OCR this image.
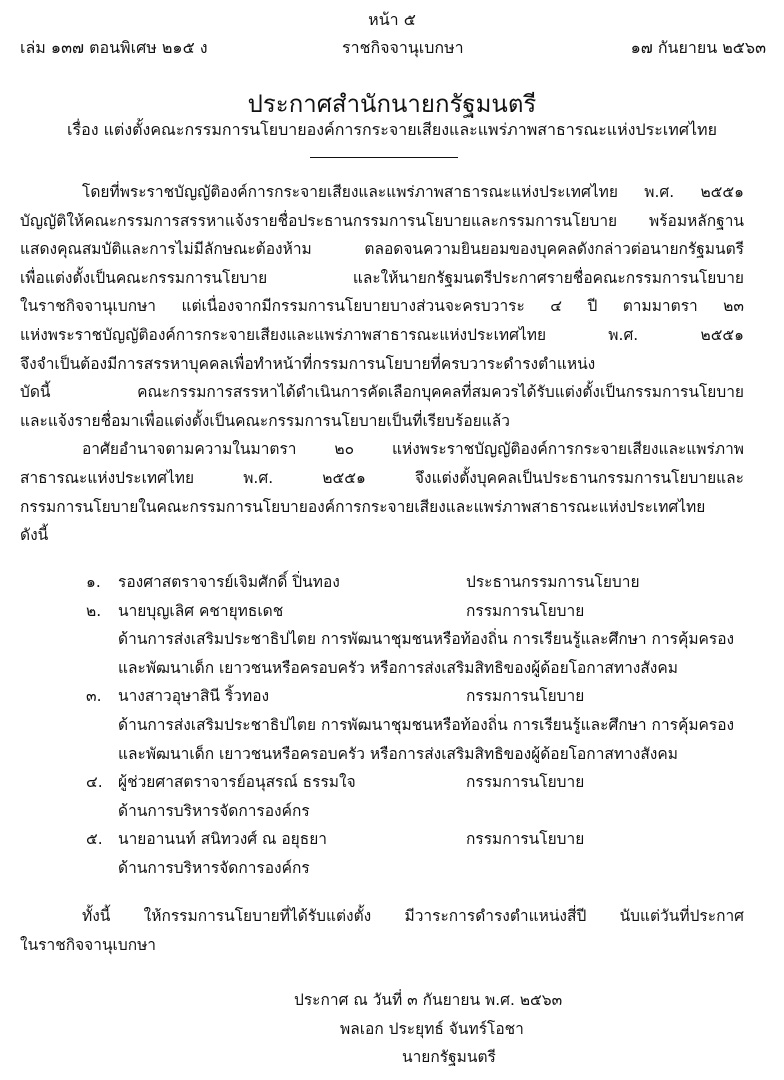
หน้า ๕
เล่ม ๑๓๗ ตอนพิเศษ ๒๑๕ ง	ราชกิจจานุเบกษา	๑๗ กันยายน ๒๕๖๓
ประกาศสำนักนายกรัฐมนตรี
เรื่อง แต่งตั้งคณะกรรมการนโยบายองค์การกระจายเสียงและแพร่ภาพสาธารณะแห่งประเทศไทย

โดยที่พระราชบัญญัติองค์การกระจายเสียงและแพร่ภาพสาธารณะแห่งประเทศไทย พ.ศ. ๒๕๕๑

บัญญัติให้คณะกรรมการสรรหาแจ้งรายชื่อประธานกรรมการนโยบายและกรรมการนโยบาย พร้อมหลักฐาน

แสดงคุณสมบัติและการไม่มีลักษณะต้องห้าม ตลอดจนความยินยอมของบุคคลดังกล่าวต่อนายกรัฐมนตรี

เพื่อแต่งตั้งเป็นคณะกรรมการนโยบาย และให้นายกรัฐมนตรีประกาศรายชื่อคณะกรรมการนโยบาย

ในราชกิจจานุเบกษา แต่เนื่องจากมีกรรมการนโยบายบางส่วนจะครบวาระ ๔ ปี ตามมาตรา ๒๓

แห่งพระราชบัญญัติองค์การกระจายเสียงและแพร่ภาพสาธารณะแห่งประเทศไทย พ.ศ. ๒๕๕๑

จึงจำเป็นต้องมีการสรรหาบุคคลเพื่อทำหน้าที่กรรมการนโยบายที่ครบวาระดำรงตำแหน่ง

บัดนี้ คณะกรรมการสรรหาได้ดำเนินการคัดเลือกบุคคลที่สมควรได้รับแต่งตั้งเป็นกรรมการนโยบาย

และแจ้งรายชื่อมาเพื่อแต่งตั้งเป็นคณะกรรมการนโยบายเป็นที่เรียบร้อยแล้ว

อาศัยอำนาจตามความในมาตรา ๒๐ แห่งพระราชบัญญัติองค์การกระจายเสียงและแพร่ภาพ

สาธารณะแห่งประเทศไทย พ.ศ. ๒๕๕๑ จึงแต่งตั้งบุคคลเป็นประธานกรรมการนโยบายและ

กรรมการนโยบายในคณะกรรมการนโยบายองค์การกระจายเสียงและแพร่ภาพสาธารณะแห่งประเทศไทย

ดังนี้

๑. รองศาสตราจารย์เจิมศักดิ์ ปิ่นทอง	ประธานกรรมการนโยบาย
๒. นายบุญเลิศ คชายุทธเดช	กรรมการนโยบาย

ด้านการส่งเสริมประชาธิปไตย การพัฒนาชุมชนหรือท้องถิ่น การเรียนรู้และศึกษา การคุ้มครอง

และพัฒนาเด็ก เยาวชนหรือครอบครัว หรือการส่งเสริมสิทธิของผู้ด้อยโอกาสทางสังคม

๓. นางสาวอุษาสินี ริ้วทอง	กรรมการนโยบาย

ด้านการส่งเสริมประชาธิปไตย การพัฒนาชุมชนหรือท้องถิ่น การเรียนรู้และศึกษา การคุ้มครอง

และพัฒนาเด็ก เยาวชนหรือครอบครัว หรือการส่งเสริมสิทธิของผู้ด้อยโอกาสทางสังคม

๔. ผู้ช่วยศาสตราจารย์อนุสรณ์ ธรรมใจ	กรรมการนโยบาย

ด้านการบริหารจัดการองค์กร

๕. นายอานนท์ สนิทวงศ์ ณ อยุธยา	กรรมการนโยบาย

ด้านการบริหารจัดการองค์กร

ทั้งนี้ ให้กรรมการนโยบายที่ได้รับแต่งตั้ง มีวาระการดำรงตำแหน่งสี่ปี นับแต่วันที่ประกาศ

ในราชกิจจานุเบกษา

ประกาศ ณ วันที่ ๓ กันยายน พ.ศ. ๒๕๖๓
พลเอก ประยุทธ์ จันทร์โอชา
นายกรัฐมนตรี
